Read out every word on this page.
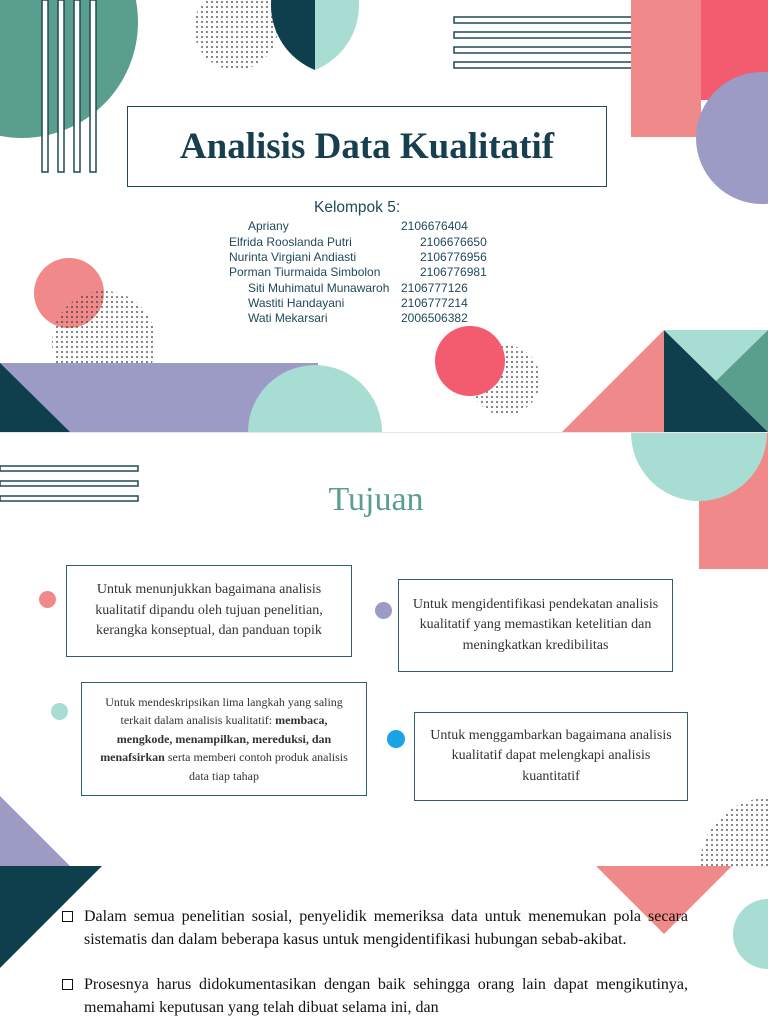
Analisis Data Kualitatif
Kelompok 5:
Apriany	2106676404
Elfrida Rooslanda Putri	2106676650
Nurinta Virgiani Andiasti	2106776956
Porman Tiurmaida Simbolon	2106776981
Siti Muhimatul Munawaroh 2106777126
Wastiti Handayani	2106777214
Wati Mekarsari	2006506382
Tujuan
Untuk menunjukkan bagaimana analisis kualitatif dipandu oleh tujuan penelitian, kerangka konseptual, dan panduan topik
Untuk mengidentifikasi pendekatan analisis kualitatif yang memastikan ketelitian dan meningkatkan kredibilitas
Untuk mendeskripsikan lima langkah yang saling terkait dalam analisis kualitatif: membaca, mengkode, menampilkan, mereduksi, dan menafsirkan serta memberi contoh produk analisis data tiap tahap
Untuk menggambarkan bagaimana analisis kualitatif dapat melengkapi analisis kuantitatif
Dalam semua penelitian sosial, penyelidik memeriksa data untuk menemukan pola secara sistematis dan dalam beberapa kasus untuk mengidentifikasi hubungan sebab-akibat.
Prosesnya harus didokumentasikan dengan baik sehingga orang lain dapat mengikutinya, memahami keputusan yang telah dibuat selama ini, dan
